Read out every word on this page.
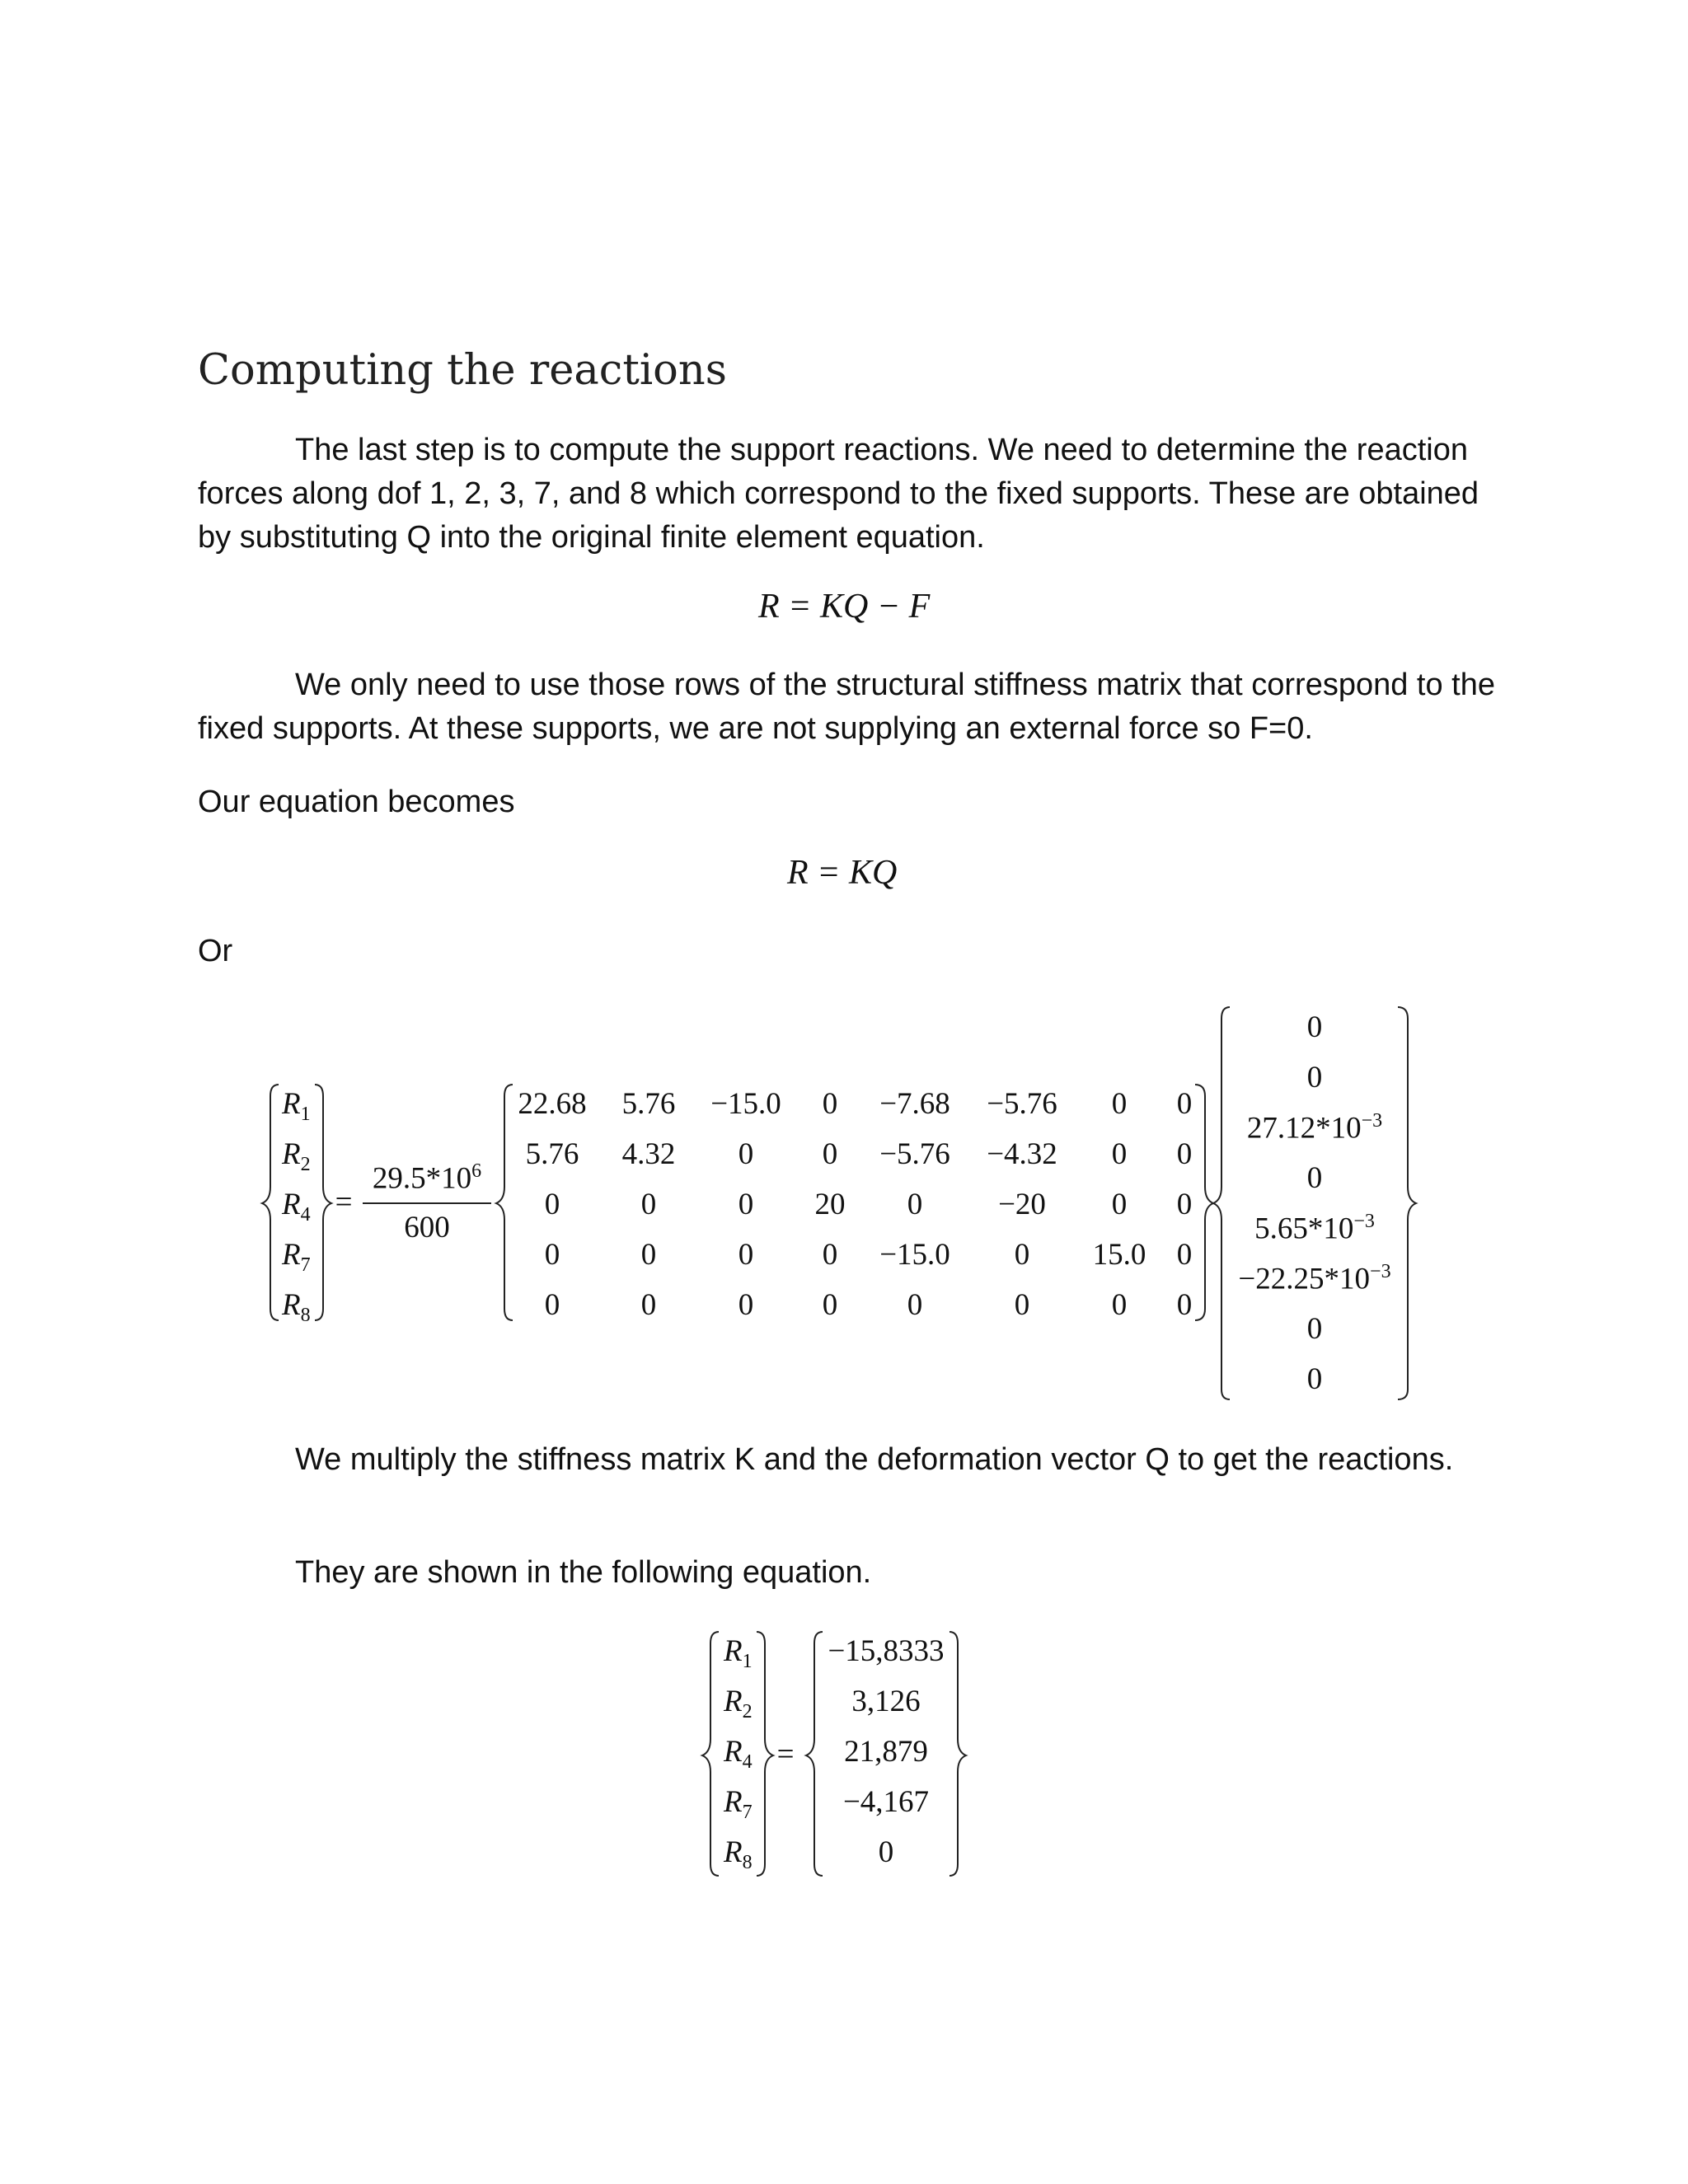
Computing the reactions

The last step is to compute the support reactions. We need to determine the reaction forces along dof 1, 2, 3, 7, and 8 which correspond to the fixed supports. These are obtained by substituting Q into the original finite element equation.

R = KQ − F

We only need to use those rows of the structural stiffness matrix that correspond to the fixed supports. At these supports, we are not supplying an external force so F=0.

Our equation becomes

R = KQ

Or

$R_1$
$R_2$
$R_4$
$R_7$
$R_8$
=
$29.5*10^6$
600
22.68 5.76 −15.0 0 −7.68 −5.76 0 0
5.76 4.32 0 0 −5.76 −4.32 0 0
0	0	0 20 0 −20 0 0
0	0	0 0 −15.0 0 15.0 0
0	0	0 0 0	0	0 0
0
0
$27.12*10^{-3}$
0
$5.65*10^{-3}$
$-22.25*10^{-3}$
0
0

We multiply the stiffness matrix K and the deformation vector Q to get the reactions.

They are shown in the following equation.

$R_1$
$R_2$
$R_4$
$R_7$
$R_8$
=
−15,8333
3,126
21,879
−4,167
0
